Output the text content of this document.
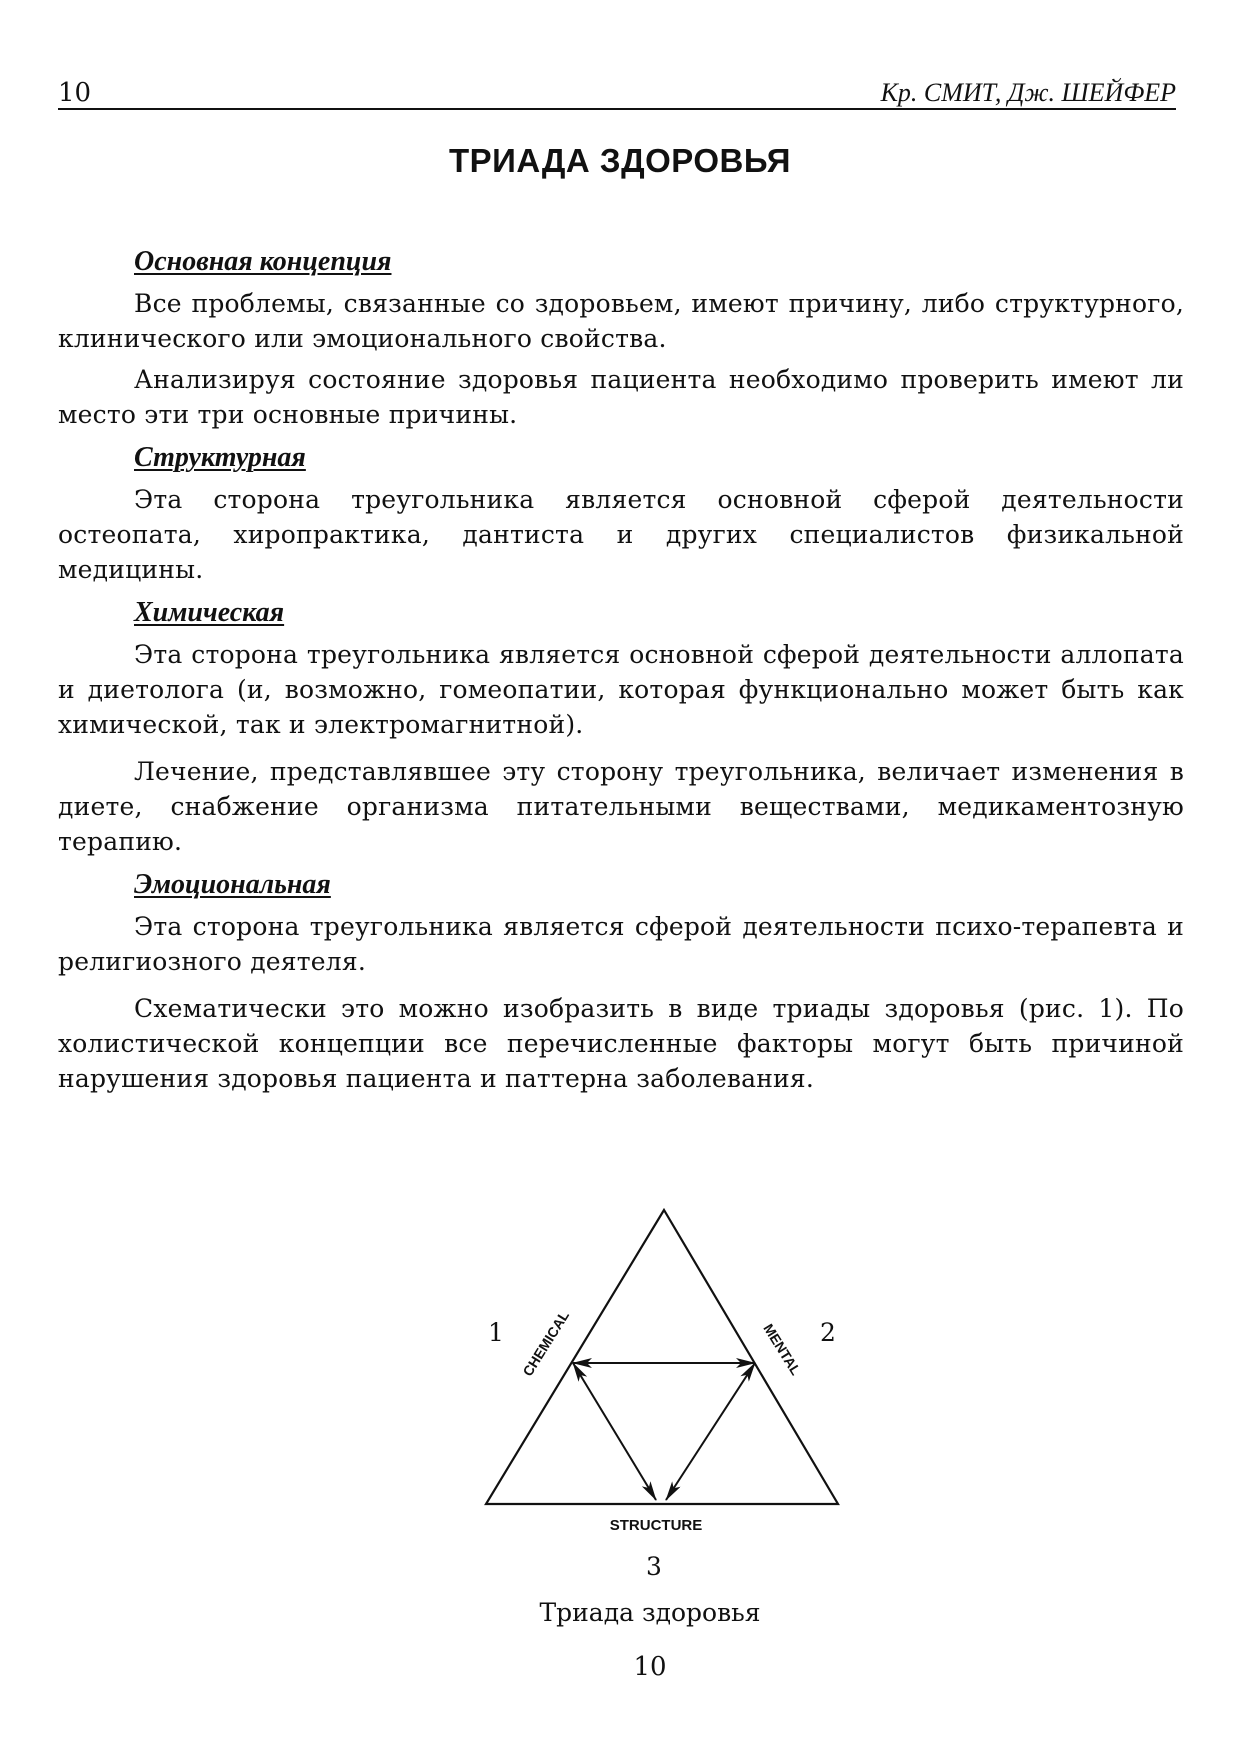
10	Кр. СМИТ, Дж. ШЕЙФЕР
ТРИАДА ЗДОРОВЬЯ
Основная концепция

Все проблемы, связанные со здоровьем, имеют причину, либо структурного, клинического или эмоционального свойства.

Анализируя состояние здоровья пациента необходимо проверить имеют ли место эти три основные причины.

Структурная

Эта сторона треугольника является основной сферой деятельности остеопата, хиропрактика, дантиста и других специалистов физикальной медицины.

Химическая

Эта сторона треугольника является основной сферой деятельности аллопата и диетолога (и, возможно, гомеопатии, которая функционально может быть как химической, так и электромагнитной).

Лечение, представлявшее эту сторону треугольника, величает изменения в диете, снабжение организма питательными веществами, медикаментозную терапию.

Эмоциональная

Эта сторона треугольника является сферой деятельности психо-терапевта и религиозного деятеля.

Схематически это можно изобразить в виде триады здоровья (рис. 1). По холистической концепции все перечисленные факторы могут быть причиной нарушения здоровья пациента и паттерна заболевания.

CHEMICAL	MENTAL
STRUCTURE
1	2
3
Триада здоровья
10
